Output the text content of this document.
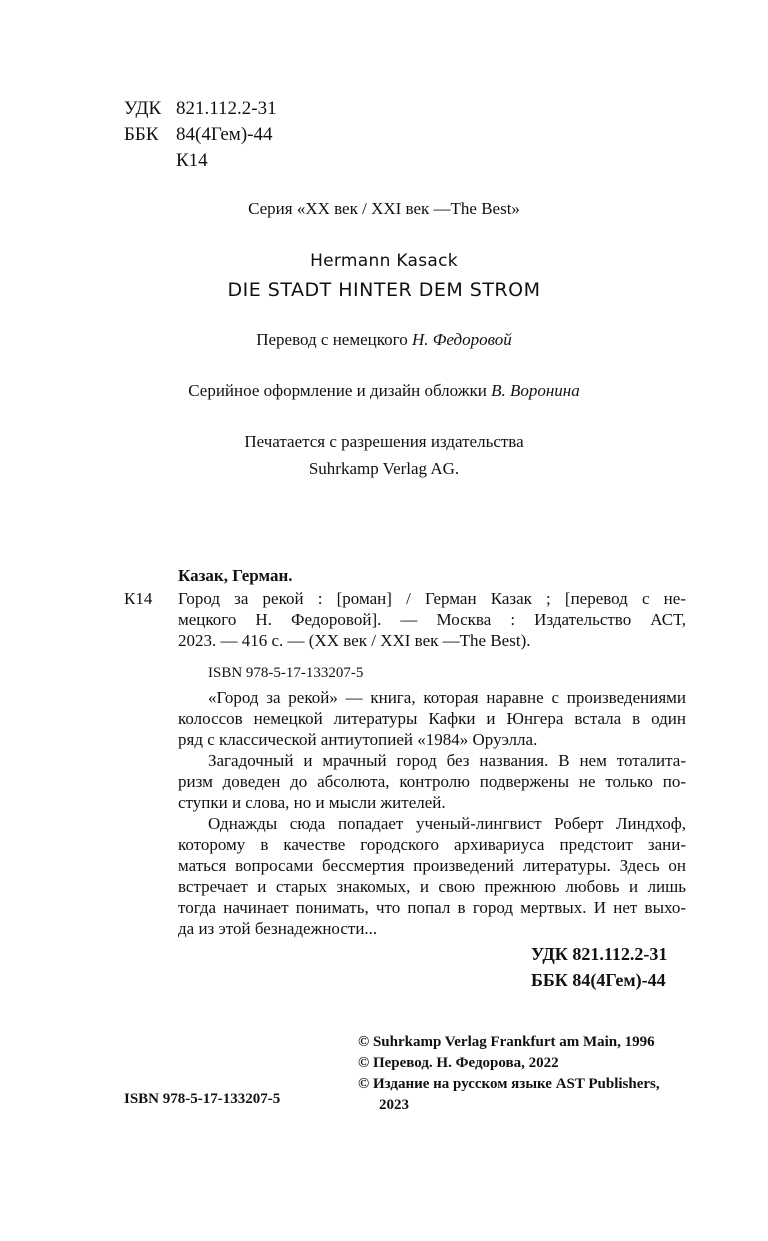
УДК 821.112.2-31
ББК 84(4Гем)-44
К14
Серия «XX век / XXI век —The Best»
Hermann Kasack
DIE STADT HINTER DEM STROM
Перевод с немецкого Н. Федоровой
Серийное оформление и дизайн обложки В. Воронина
Печатается с разрешения издательства
Suhrkamp Verlag AG.
Казак, Герман.
К14 Город за рекой : [роман] / Герман Казак ; [перевод с не-
мецкого Н. Федоровой]. — Москва : Издательство АСТ,
2023. — 416 с. — (XX век / XXI век —The Best).
ISBN 978-5-17-133207-5
«Город за рекой» — книга, которая наравне с произведениями
колоссов немецкой литературы Кафки и Юнгера встала в один
ряд с классической антиутопией «1984» Оруэлла.
Загадочный и мрачный город без названия. В нем тоталита-
ризм доведен до абсолюта, контролю подвержены не только по-
ступки и слова, но и мысли жителей.
Однажды сюда попадает ученый-лингвист Роберт Линдхоф,
которому в качестве городского архивариуса предстоит зани-
маться вопросами бессмертия произведений литературы. Здесь он
встречает и старых знакомых, и свою прежнюю любовь и лишь
тогда начинает понимать, что попал в город мертвых. И нет выхо-
да из этой безнадежности...
УДК 821.112.2-31
ББК 84(4Гем)-44
© Suhrkamp Verlag Frankfurt am Main, 1996
© Перевод. Н. Федорова, 2022
© Издание на русском языке AST Publishers,
2023
ISBN 978-5-17-133207-5
